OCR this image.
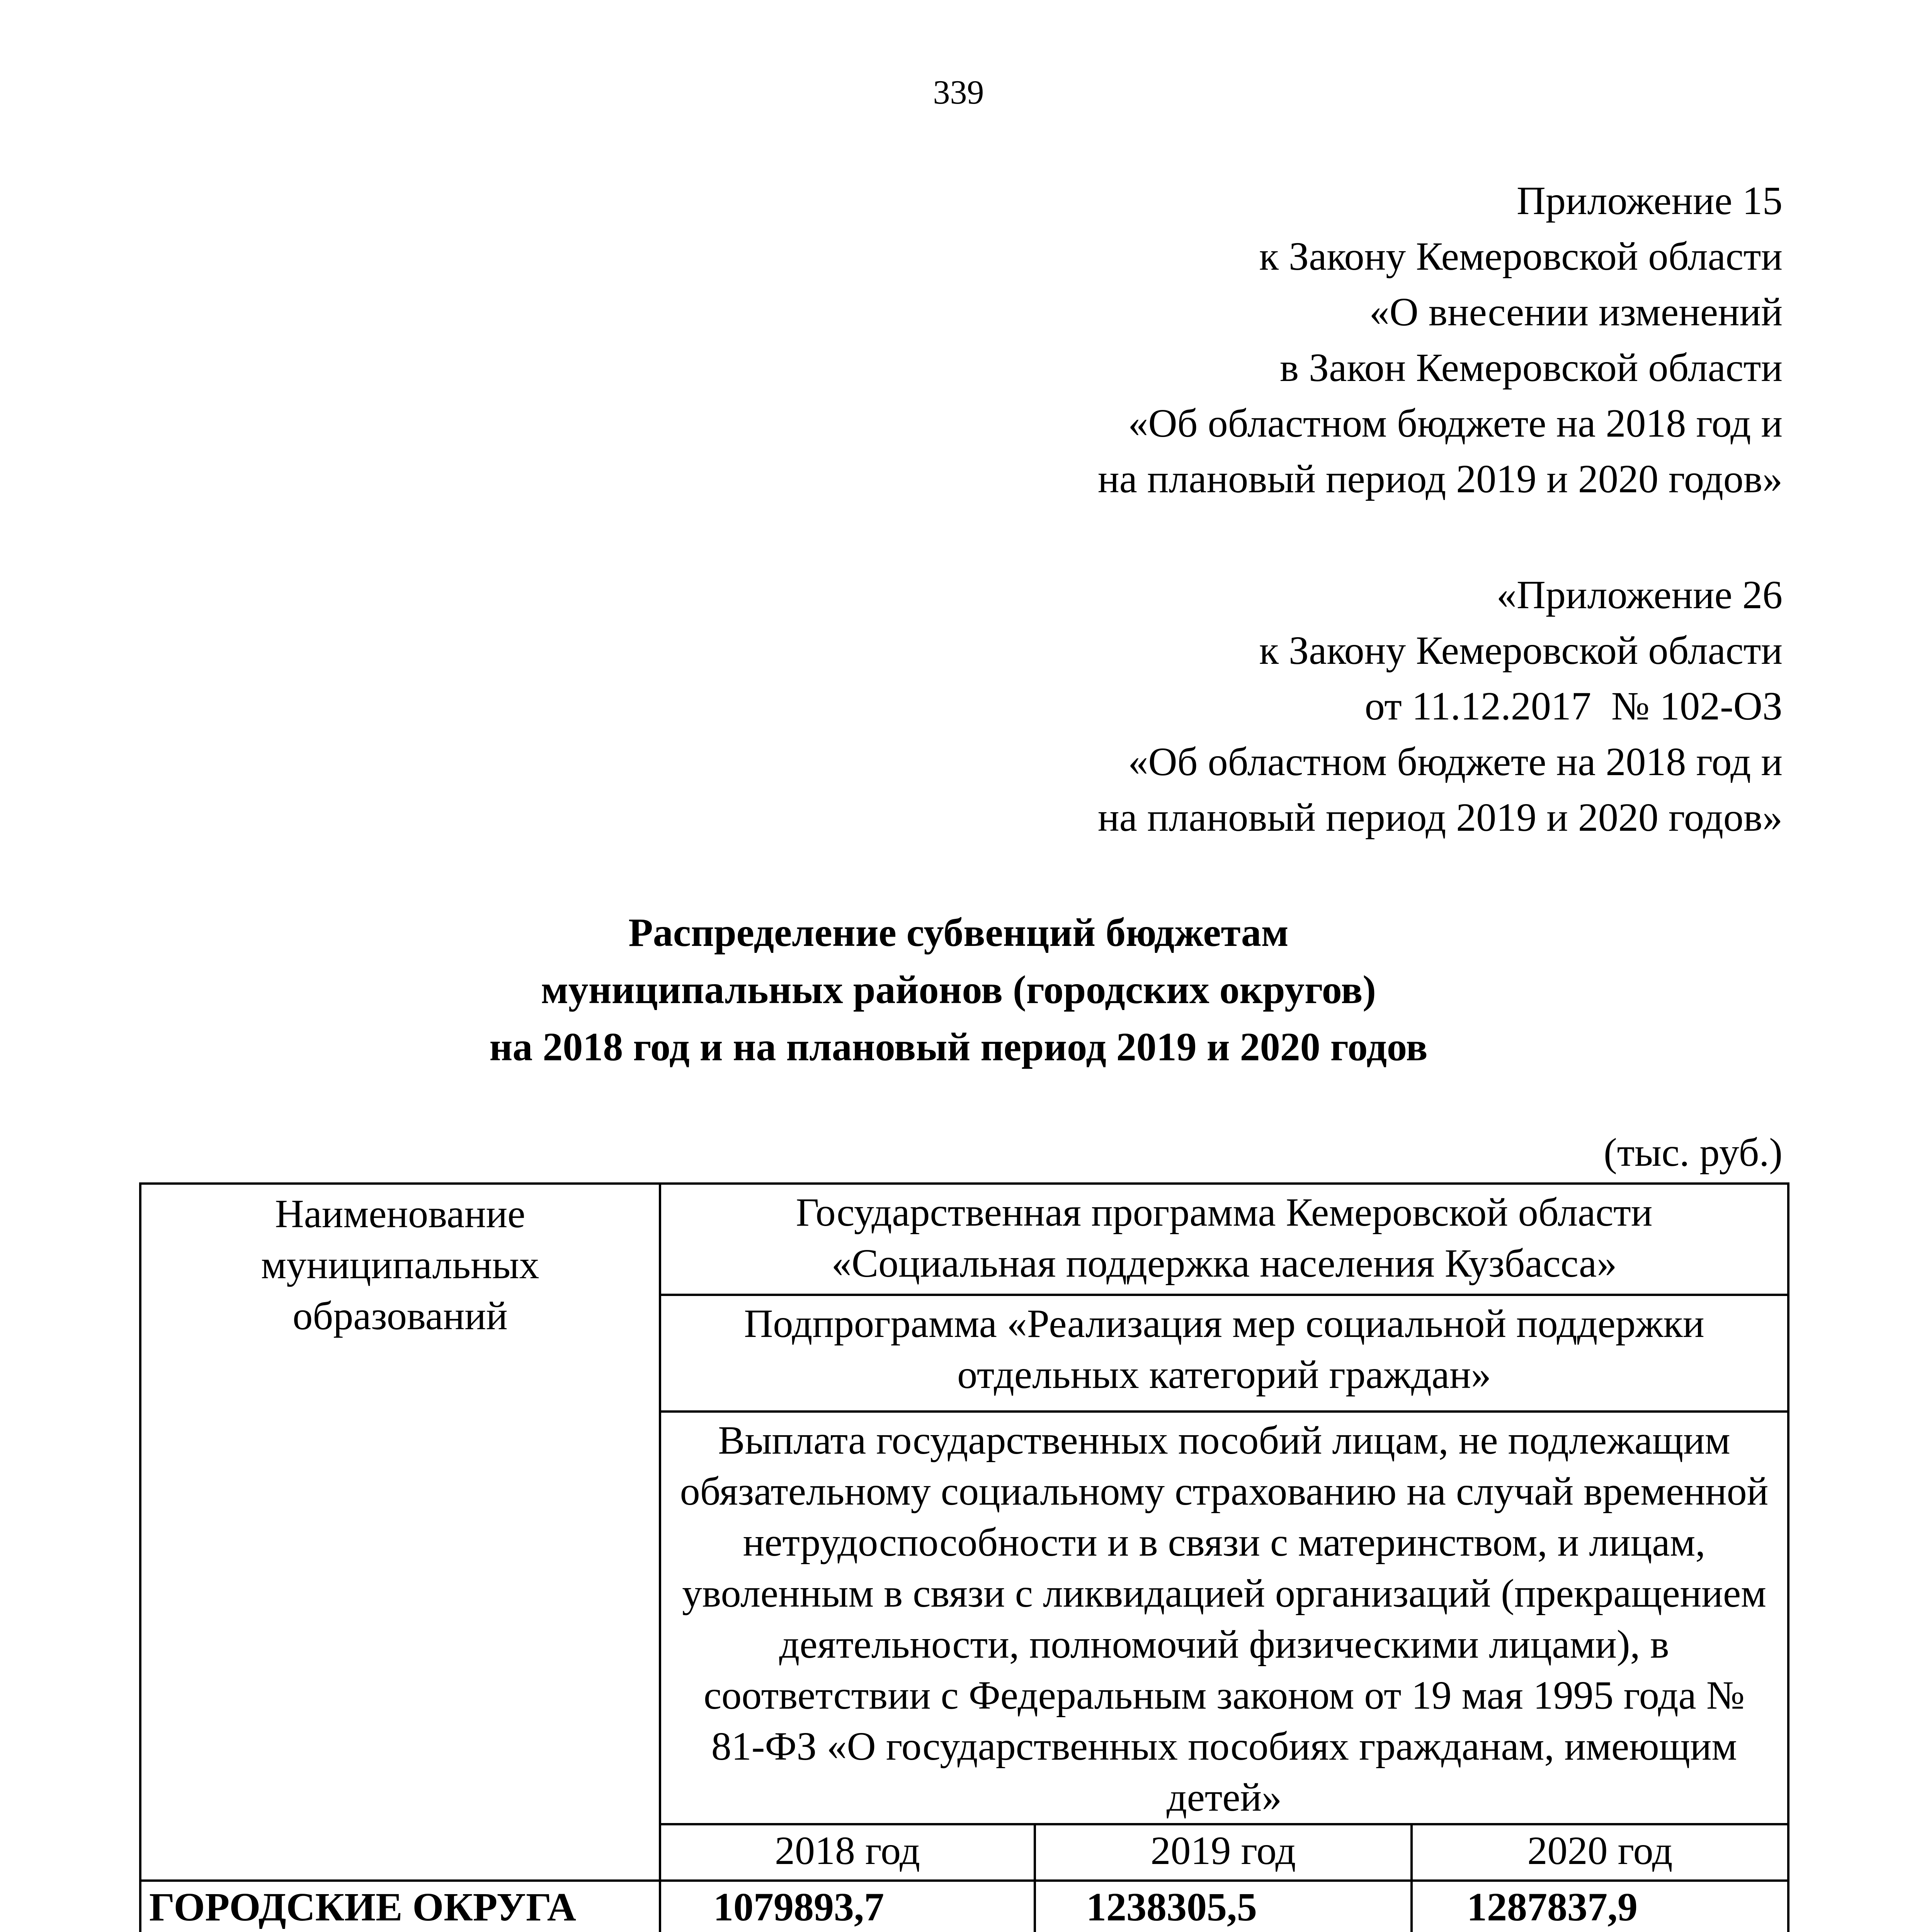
339
Приложение 15
к Закону Кемеровской области
«О внесении изменений
в Закон Кемеровской области
«Об областном бюджете на 2018 год и
на плановый период 2019 и 2020 годов»
«Приложение 26
к Закону Кемеровской области
от 11.12.2017  № 102-ОЗ
«Об областном бюджете на 2018 год и
на плановый период 2019 и 2020 годов»
Распределение субвенций бюджетам
муниципальных районов (городских округов)
на 2018 год и на плановый период 2019 и 2020 годов
(тыс. руб.)
Наименование муниципальных образований	Государственная программа Кемеровской области «Социальная поддержка населения Кузбасса»		
	Подпрограмма «Реализация мер социальной поддержки отдельных категорий граждан»		
	Выплата государственных пособий лицам, не подлежащим обязательному социальному страхованию на случай временной нетрудоспособности и в связи с материнством, и лицам, уволенным в связи с ликвидацией организаций (прекращением деятельности, полномочий физическими лицами), в соответствии с Федеральным законом от 19 мая 1995 года № 81-ФЗ «О государственных пособиях гражданам, имеющим детей»		
	2018 год	2019 год	2020 год
ГОРОДСКИЕ ОКРУГА	1079893,7	1238305,5	1287837,9
